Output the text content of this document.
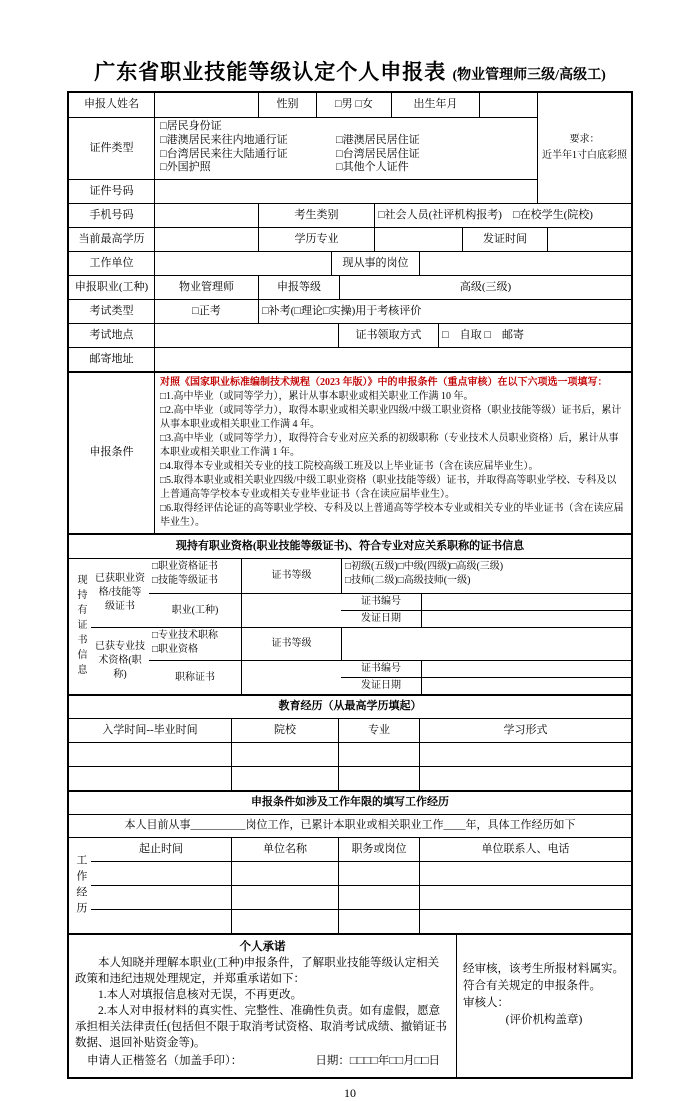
广东省职业技能等级认定个人申报表 (物业管理师三级/高级工)
申报人姓名	性别	□男 □女	出生年月
证件类型
□居民身份证
□港澳居民来往内地通行证	□港澳居民居住证
□台湾居民来往大陆通行证	□台湾居民居住证
□外国护照	□其他个人证件
证件号码
要求：
近半年1寸白底彩照
手机号码	考生类别	□社会人员(社评机构报考)　□在校学生(院校)
当前最高学历	学历专业	发证时间
工作单位	现从事的岗位
申报职业(工种)	物业管理师	申报等级	高级(三级)
考试类型	□正考	□补考(□理论□实操)用于考核评价
考试地点	证书领取方式	□　自取 □　邮寄
邮寄地址
申报条件
对照《国家职业标准编制技术规程（2023 年版）》中的申报条件（重点审核）在以下六项选一项填写：
□1.高中毕业（或同等学力），累计从事本职业或相关职业工作满 10 年。
□2.高中毕业（或同等学力），取得本职业或相关职业四级/中级工职业资格（职业技能等级）证书后，累计从事本职业或相关职业工作满 4 年。
□3.高中毕业（或同等学力），取得符合专业对应关系的初级职称（专业技术人员职业资格）后，累计从事本职业或相关职业工作满 1 年。
□4.取得本专业或相关专业的技工院校高级工班及以上毕业证书（含在读应届毕业生）。
□5.取得本职业或相关职业四级/中级工职业资格（职业技能等级）证书，并取得高等职业学校、专科及以上普通高等学校本专业或相关专业毕业证书（含在读应届毕业生）。
□6.取得经评估论证的高等职业学校、专科及以上普通高等学校本专业或相关专业的毕业证书（含在读应届毕业生）。
现持有职业资格(职业技能等级证书)、符合专业对应关系职称的证书信息
现持有证书信息 已获职业资格/技能等级证书
□职业资格证书
□技能等级证书	证书等级
□初级(五级)□中级(四级)□高级(三级)
□技师(二级)□高级技师(一级)
职业(工种)
证书编号
发证日期
已获专业技术资格(职称)
□专业技术职称
□职业资格
证书等级
职称证书
证书编号
发证日期
教育经历（从最高学历填起）
入学时间--毕业时间	院校	专业	学习形式
申报条件如涉及工作年限的填写工作经历
本人目前从事__________岗位工作，已累计本职业或相关职业工作____年，具体工作经历如下
工作经历
起止时间	单位名称	职务或岗位	单位联系人、电话
个人承诺
本人知晓并理解本职业(工种)申报条件，了解职业技能等级认定相关政策和违纪违规处理规定，并郑重承诺如下：
1.本人对填报信息核对无误，不再更改。
2.本人对申报材料的真实性、完整性、准确性负责。如有虚假，愿意承担相关法律责任(包括但不限于取消考试资格、取消考试成绩、撤销证书数据、退回补贴资金等)。
申请人正楷签名（加盖手印）：	日期：□□□□年□□月□□日
经审核，该考生所报材料属实。符合有关规定的申报条件。
审核人：
(评价机构盖章)
10
